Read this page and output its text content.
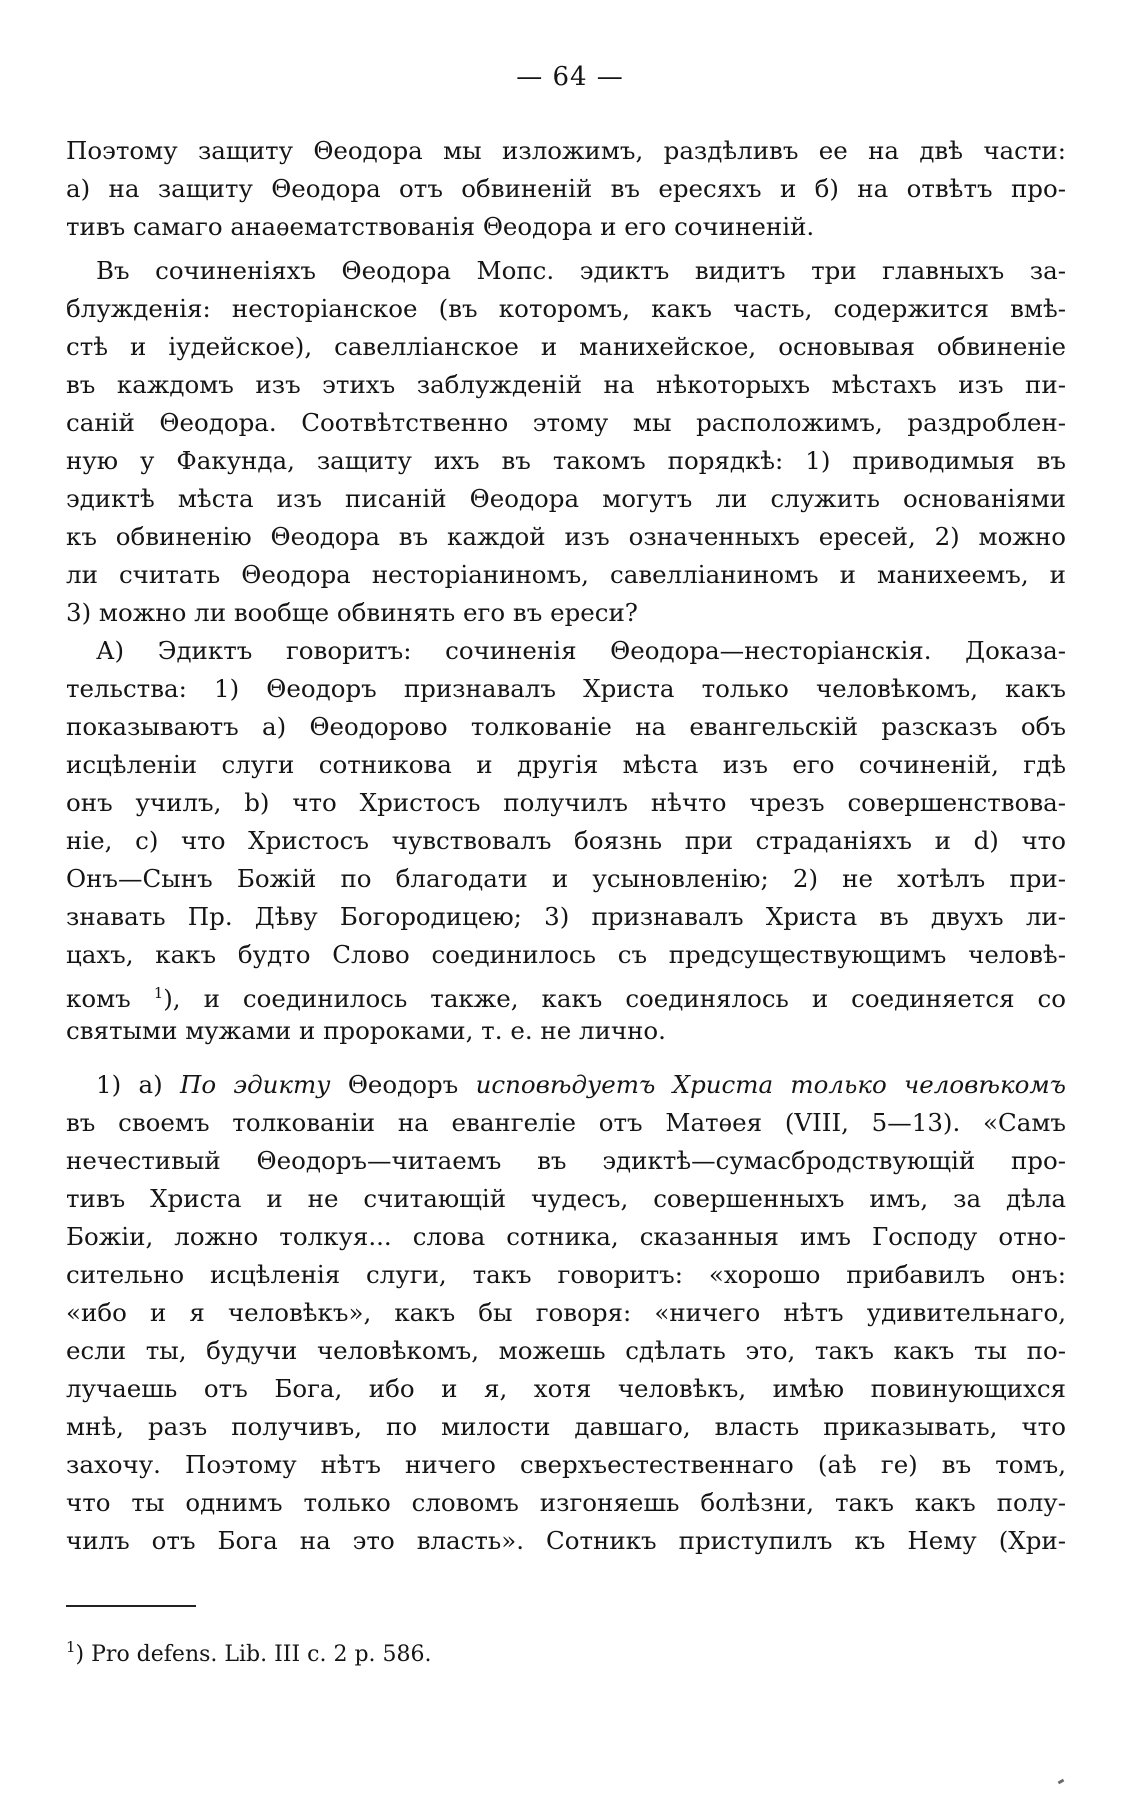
— 64 —
Поэтому защиту Θеодора мы изложимъ, раздѣливъ ее на двѣ части:
а) на защиту Θеодора отъ обвиненій въ ересяхъ и б) на отвѣтъ про-
тивъ самаго анаѳематствованія Θеодора и его сочиненій.
Въ сочиненіяхъ Θеодора Мопс. эдиктъ видитъ три главныхъ за-
блужденія: несторіанское (въ которомъ, какъ часть, содержится вмѣ-
стѣ и іудейское), савелліанское и манихейское, основывая обвиненіе
въ каждомъ изъ этихъ заблужденій на нѣкоторыхъ мѣстахъ изъ пи-
саній Θеодора. Соотвѣтственно этому мы расположимъ, раздроблен-
ную у Факунда, защиту ихъ въ такомъ порядкѣ: 1) приводимыя въ
эдиктѣ мѣста изъ писаній Θеодора могутъ ли служить основаніями
къ обвиненію Θеодора въ каждой изъ означенныхъ ересей, 2) можно
ли считать Θеодора несторіаниномъ, савелліаниномъ и манихеемъ, и
3) можно ли вообще обвинять его въ ереси?
А) Эдиктъ говоритъ: сочиненія Θеодора—несторіанскія. Доказа-
тельства: 1) Θеодоръ признавалъ Христа только человѣкомъ, какъ
показываютъ а) Θеодорово толкованіе на евангельскій разсказъ объ
исцѣленіи слуги сотникова и другія мѣста изъ его сочиненій, гдѣ
онъ училъ, b) что Христосъ получилъ нѣчто чрезъ совершенствова-
ніе, с) что Христосъ чувствовалъ боязнь при страданіяхъ и d) что
Онъ—Сынъ Божій по благодати и усыновленію; 2) не хотѣлъ при-
знавать Пр. Дѣву Богородицею; 3) признавалъ Христа въ двухъ ли-
цахъ, какъ будто Слово соединилось съ предсуществующимъ человѣ-
комъ $^1$), и соединилось также, какъ соединялось и соединяется со
святыми мужами и пророками, т. е. не лично.
1) а) По эдикту Θеодоръ исповѣдуетъ Христа только человѣкомъ
въ своемъ толкованіи на евангеліе отъ Матѳея (VIII, 5—13). «Самъ
нечестивый Θеодоръ—читаемъ въ эдиктѣ—сумасбродствующій про-
тивъ Христа и не считающій чудесъ, совершенныхъ имъ, за дѣла
Божіи, ложно толкуя... слова сотника, сказанныя имъ Господу отно-
сительно исцѣленія слуги, такъ говоритъ: «хорошо прибавилъ онъ:
«ибо и я человѣкъ», какъ бы говоря: «ничего нѣтъ удивительнаго,
если ты, будучи человѣкомъ, можешь сдѣлать это, такъ какъ ты по-
лучаешь отъ Бога, ибо и я, хотя человѣкъ, имѣю повинующихся
мнѣ, разъ получивъ, по милости давшаго, власть приказывать, что
захочу. Поэтому нѣтъ ничего сверхъестественнаго (аѣ ге) въ томъ,
что ты однимъ только словомъ изгоняешь болѣзни, такъ какъ полу-
чилъ отъ Бога на это власть». Сотникъ приступилъ къ Нему (Хри-
$^1$) Pro defens. Lib. III c. 2 p. 586.
